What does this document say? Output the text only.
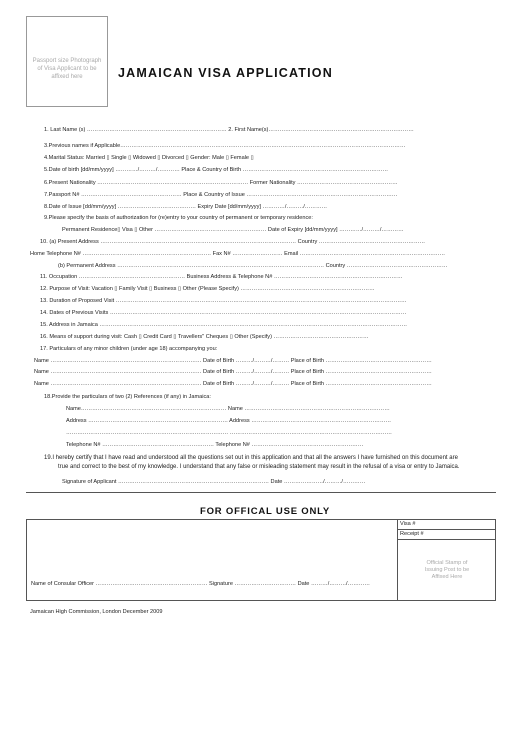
Passport size Photograph
of Visa Applicant to be
affixed here	JAMAICAN VISA APPLICATION
1. Last Name (s) ………………………………………………………………… 2. First Name(s)……………………………………………………………………
3.Previous names if Applicable………………………………………………………………………………………………………………………………………
4.Marital Status: Married ▯ Single ▯ Widowed ▯ Divorced ▯ Gender: Male ▯ Female ▯
5.Date of birth [dd/mm/yyyy] …………/………/………… Place & Country of Birth ……………………………………………………………………
6.Present Nationality ……………………………………………………………………… Former Nationality ………………………………………………
7.Passport N# ……………………………………………… Place & Country of Issue ………………………………………………………………………
8.Date of Issue [dd/mm/yyyy] …………………………………… Expiry Date [dd/mm/yyyy] …………/………/…………
9.Please specify the basis of authorization for (re)entry to your country of permanent or temporary residence:
Permanent Residence▯ Visa ▯ Other …………………………………………………… Date of Expiry [dd/mm/yyyy] …………/………/…………
10. (a) Present Address …………………………………………………………………………………………… Country …………………………………………………
Home Telephone N# …………………………………………………………… Fax N# ……………………… Email ……………………………………………………………………
(b) Permanent Address ………………………………………………………………………………………………… Country ………………………………………………
11. Occupation ………………………………………………… Business Address & Telephone N# ……………………………………………………………
12. Purpose of Visit: Vacation ▯ Family Visit ▯ Business ▯ Other (Please Specify) ………………………………………………………………
13. Duration of Proposed Visit …………………………………………………………………………………………………………………………………………
14. Dates of Previous Visits ……………………………………………………………………………………………………………………………………………
15. Address in Jamaica …………………………………………………………………………………………………………………………………………………
16. Means of support during visit: Cash ▯ Credit Card ▯ Travellers" Cheques ▯ Other (Specify) ……………………………………………
17. Particulars of any minor children (under age 18) accompanying you:
Name ……………………………………………………………………… Date of Birth ………/………/……… Place of Birth …………………………………………………
Name ……………………………………………………………………… Date of Birth ………/………/……… Place of Birth …………………………………………………
Name ……………………………………………………………………… Date of Birth ………/………/……… Place of Birth …………………………………………………
18.Provide the particulars of two (2) References (if any) in Jamaica:
Name…………………………………………………………………… Name ……………………………………………………………………
Address ………………………………………………………………… Address …………………………………………………………………
…………………………………………………………………………… ……………………………………………………………………………
Telephone N# …………………………………………………… Telephone N# ……………………………………………………
19.I hereby certify that I have read and understood all the questions set out in this application and that all the answers I have furnished on this document are
true and correct to the best of my knowledge. I understand that any false or misleading statement may result in the refusal of a visa or entry to Jamaica.
Signature of Applicant ……………………………………………………………………… Date …………………/………/…………
FOR OFFICAL USE ONLY
Visa #
Receipt #
Official Stamp of
Issuing Post to be
Affixed Here
Name of Consular Officer …………………………………………………… Signature …………………………… Date ………/………/…………
Jamaican High Commission, London December 2009
